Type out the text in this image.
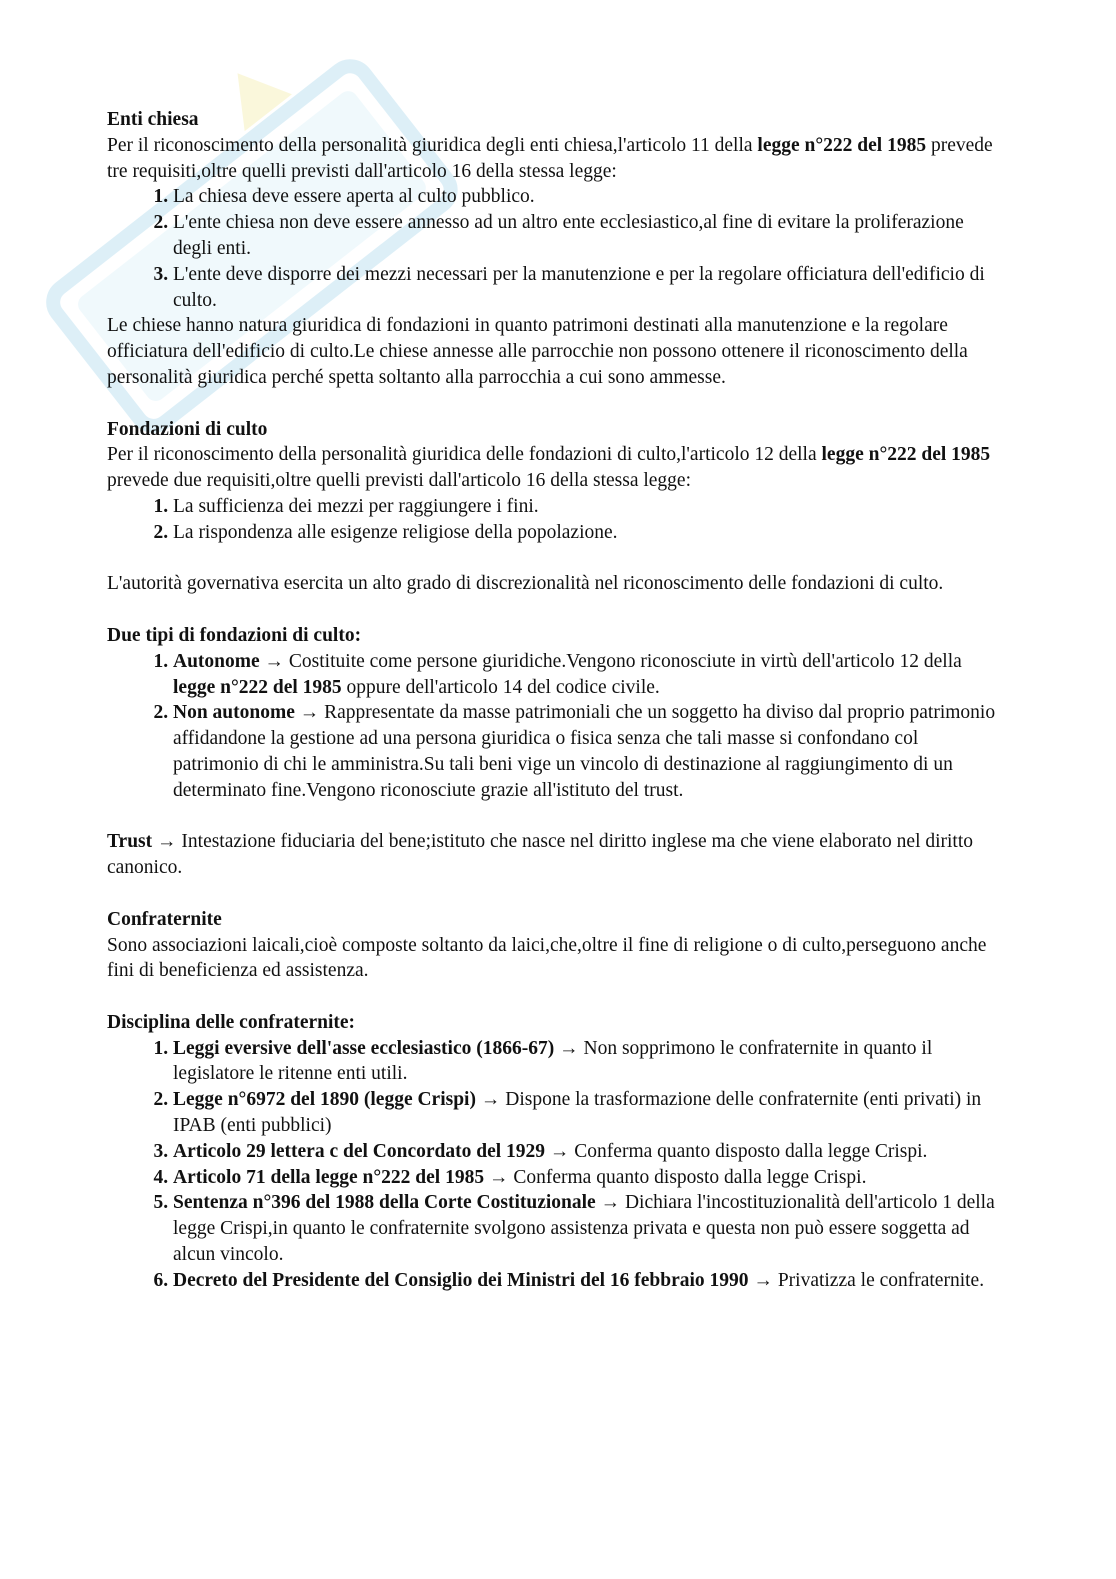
Enti chiesa

Per il riconoscimento della personalità giuridica degli enti chiesa,l'articolo 11 della legge n°222 del 1985 prevede tre requisiti,oltre quelli previsti dall'articolo 16 della stessa legge:

1. La chiesa deve essere aperta al culto pubblico.
2. L'ente chiesa non deve essere annesso ad un altro ente ecclesiastico,al fine di evitare la proliferazione degli enti.
3. L'ente deve disporre dei mezzi necessari per la manutenzione e per la regolare officiatura dell'edificio di culto.

Le chiese hanno natura giuridica di fondazioni in quanto patrimoni destinati alla manutenzione e la regolare officiatura dell'edificio di culto.Le chiese annesse alle parrocchie non possono ottenere il riconoscimento della personalità giuridica perché spetta soltanto alla parrocchia a cui sono ammesse.

Fondazioni di culto

Per il riconoscimento della personalità giuridica delle fondazioni di culto,l'articolo 12 della legge n°222 del 1985 prevede due requisiti,oltre quelli previsti dall'articolo 16 della stessa legge:

1. La sufficienza dei mezzi per raggiungere i fini.
2. La rispondenza alle esigenze religiose della popolazione.

L'autorità governativa esercita un alto grado di discrezionalità nel riconoscimento delle fondazioni di culto.

Due tipi di fondazioni di culto:
1. Autonome → Costituite come persone giuridiche.Vengono riconosciute in virtù dell'articolo 12 della legge n°222 del 1985 oppure dell'articolo 14 del codice civile.
2. Non autonome → Rappresentate da masse patrimoniali che un soggetto ha diviso dal proprio patrimonio affidandone la gestione ad una persona giuridica o fisica senza che tali masse si confondano col patrimonio di chi le amministra.Su tali beni vige un vincolo di destinazione al raggiungimento di un determinato fine.Vengono riconosciute grazie all'istituto del trust.

Trust → Intestazione fiduciaria del bene;istituto che nasce nel diritto inglese ma che viene elaborato nel diritto canonico.

Confraternite

Sono associazioni laicali,cioè composte soltanto da laici,che,oltre il fine di religione o di culto,perseguono anche fini di beneficienza ed assistenza.

Disciplina delle confraternite:
1. Leggi eversive dell'asse ecclesiastico (1866-67) → Non sopprimono le confraternite in quanto il legislatore le ritenne enti utili.
2. Legge n°6972 del 1890 (legge Crispi) → Dispone la trasformazione delle confraternite (enti privati) in IPAB (enti pubblici)
3. Articolo 29 lettera c del Concordato del 1929 → Conferma quanto disposto dalla legge Crispi.
4. Articolo 71 della legge n°222 del 1985 → Conferma quanto disposto dalla legge Crispi.
5. Sentenza n°396 del 1988 della Corte Costituzionale → Dichiara l'incostituzionalità dell'articolo 1 della legge Crispi,in quanto le confraternite svolgono assistenza privata e questa non può essere soggetta ad alcun vincolo.
6. Decreto del Presidente del Consiglio dei Ministri del 16 febbraio 1990 → Privatizza le confraternite.
